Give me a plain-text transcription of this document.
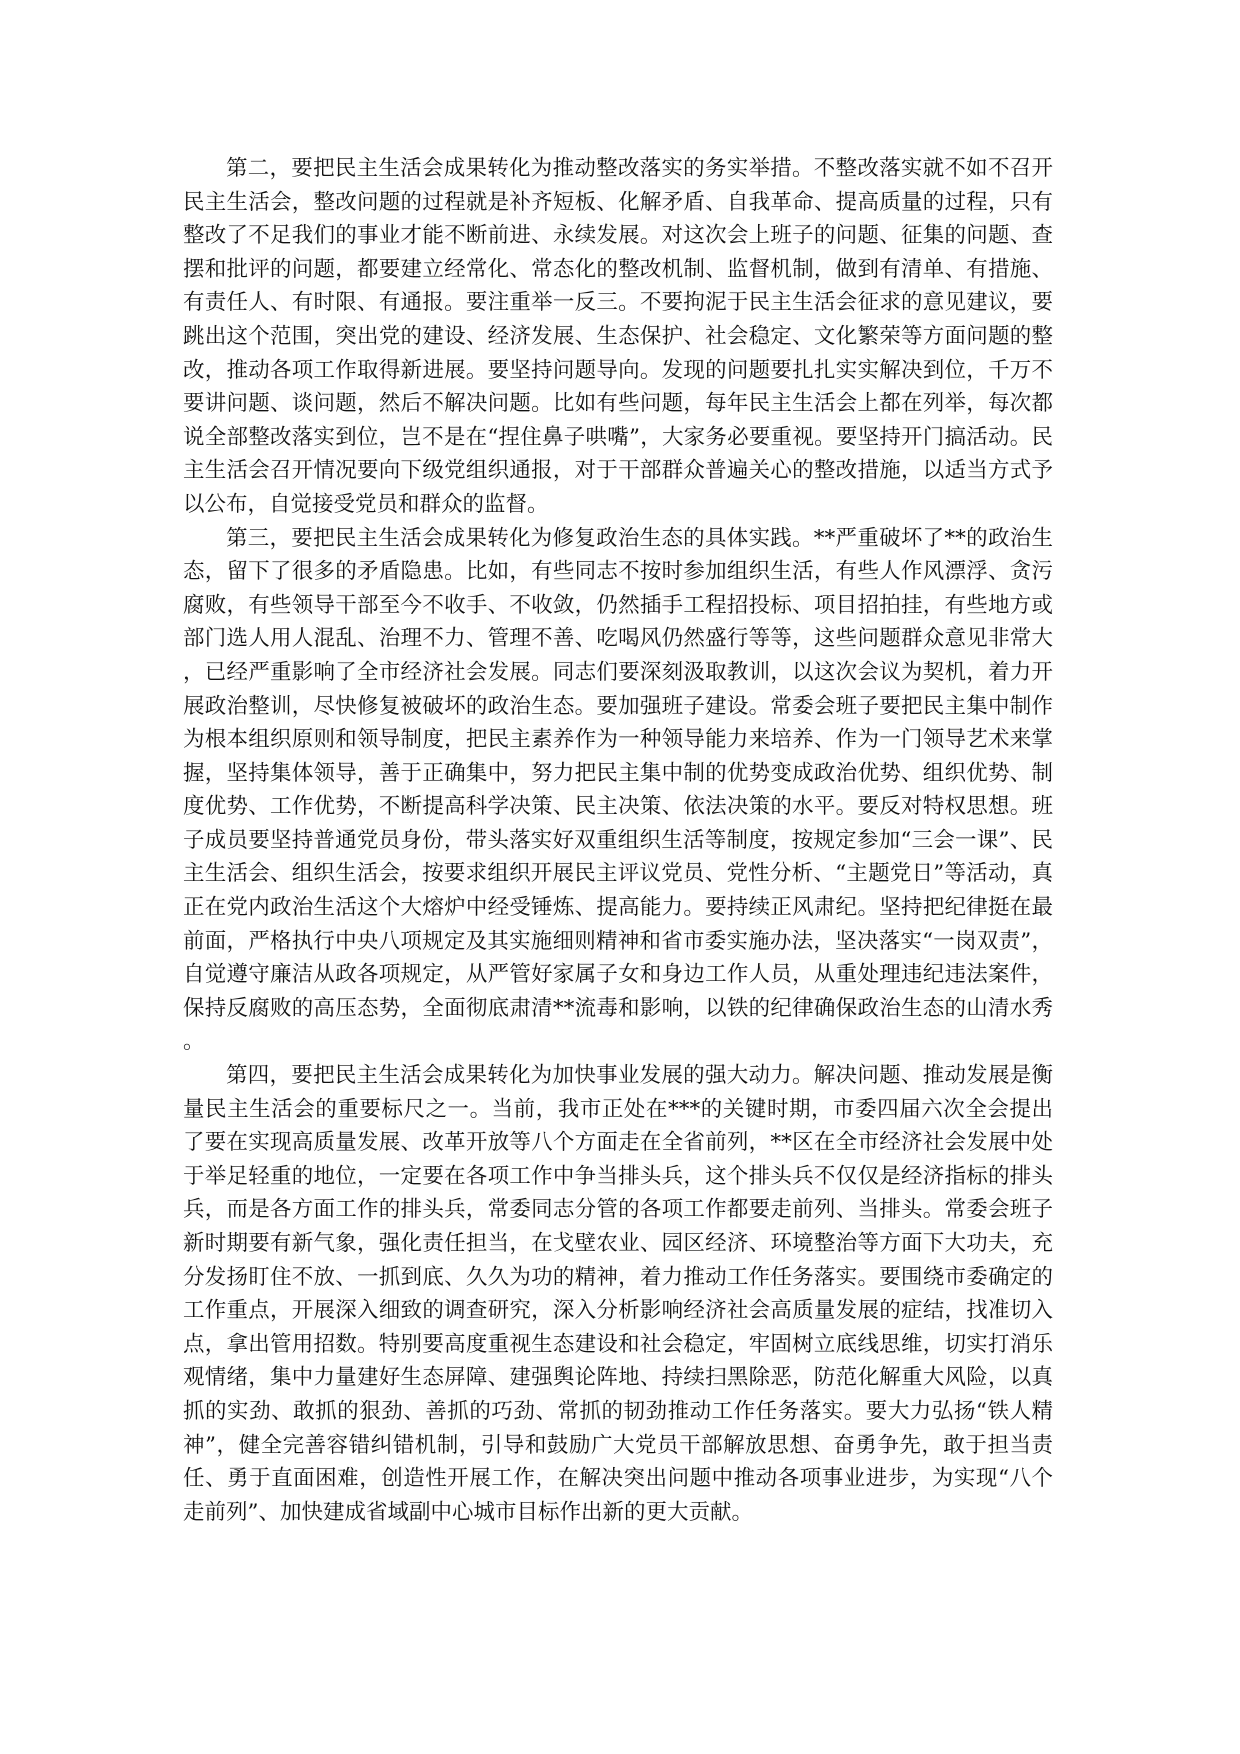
第二，要把民主生活会成果转化为推动整改落实的务实举措。不整改落实就不如不召开民主生活会，整改问题的过程就是补齐短板、化解矛盾、自我革命、提高质量的过程，只有整改了不足我们的事业才能不断前进、永续发展。对这次会上班子的问题、征集的问题、查摆和批评的问题，都要建立经常化、常态化的整改机制、监督机制，做到有清单、有措施、有责任人、有时限、有通报。要注重举一反三。不要拘泥于民主生活会征求的意见建议，要跳出这个范围，突出党的建设、经济发展、生态保护、社会稳定、文化繁荣等方面问题的整改，推动各项工作取得新进展。要坚持问题导向。发现的问题要扎扎实实解决到位，千万不要讲问题、谈问题，然后不解决问题。比如有些问题，每年民主生活会上都在列举，每次都说全部整改落实到位，岂不是在“捏住鼻子哄嘴”，大家务必要重视。要坚持开门搞活动。民主生活会召开情况要向下级党组织通报，对于干部群众普遍关心的整改措施，以适当方式予以公布，自觉接受党员和群众的监督。

第三，要把民主生活会成果转化为修复政治生态的具体实践。**严重破坏了**的政治生态，留下了很多的矛盾隐患。比如，有些同志不按时参加组织生活，有些人作风漂浮、贪污腐败，有些领导干部至今不收手、不收敛，仍然插手工程招投标、项目招拍挂，有些地方或部门选人用人混乱、治理不力、管理不善、吃喝风仍然盛行等等，这些问题群众意见非常大，已经严重影响了全市经济社会发展。同志们要深刻汲取教训，以这次会议为契机，着力开展政治整训，尽快修复被破坏的政治生态。要加强班子建设。常委会班子要把民主集中制作为根本组织原则和领导制度，把民主素养作为一种领导能力来培养、作为一门领导艺术来掌握，坚持集体领导，善于正确集中，努力把民主集中制的优势变成政治优势、组织优势、制度优势、工作优势，不断提高科学决策、民主决策、依法决策的水平。要反对特权思想。班子成员要坚持普通党员身份，带头落实好双重组织生活等制度，按规定参加“三会一课”、民主生活会、组织生活会，按要求组织开展民主评议党员、党性分析、“主题党日”等活动，真正在党内政治生活这个大熔炉中经受锤炼、提高能力。要持续正风肃纪。坚持把纪律挺在最前面，严格执行中央八项规定及其实施细则精神和省市委实施办法，坚决落实“一岗双责”，自觉遵守廉洁从政各项规定，从严管好家属子女和身边工作人员，从重处理违纪违法案件，保持反腐败的高压态势，全面彻底肃清**流毒和影响，以铁的纪律确保政治生态的山清水秀。

第四，要把民主生活会成果转化为加快事业发展的强大动力。解决问题、推动发展是衡量民主生活会的重要标尺之一。当前，我市正处在***的关键时期，市委四届六次全会提出了要在实现高质量发展、改革开放等八个方面走在全省前列，**区在全市经济社会发展中处于举足轻重的地位，一定要在各项工作中争当排头兵，这个排头兵不仅仅是经济指标的排头兵，而是各方面工作的排头兵，常委同志分管的各项工作都要走前列、当排头。常委会班子新时期要有新气象，强化责任担当，在戈壁农业、园区经济、环境整治等方面下大功夫，充分发扬盯住不放、一抓到底、久久为功的精神，着力推动工作任务落实。要围绕市委确定的工作重点，开展深入细致的调查研究，深入分析影响经济社会高质量发展的症结，找准切入点，拿出管用招数。特别要高度重视生态建设和社会稳定，牢固树立底线思维，切实打消乐观情绪，集中力量建好生态屏障、建强舆论阵地、持续扫黑除恶，防范化解重大风险，以真抓的实劲、敢抓的狠劲、善抓的巧劲、常抓的韧劲推动工作任务落实。要大力弘扬“铁人精神”，健全完善容错纠错机制，引导和鼓励广大党员干部解放思想、奋勇争先，敢于担当责任、勇于直面困难，创造性开展工作，在解决突出问题中推动各项事业进步，为实现“八个走前列”、加快建成省域副中心城市目标作出新的更大贡献。
